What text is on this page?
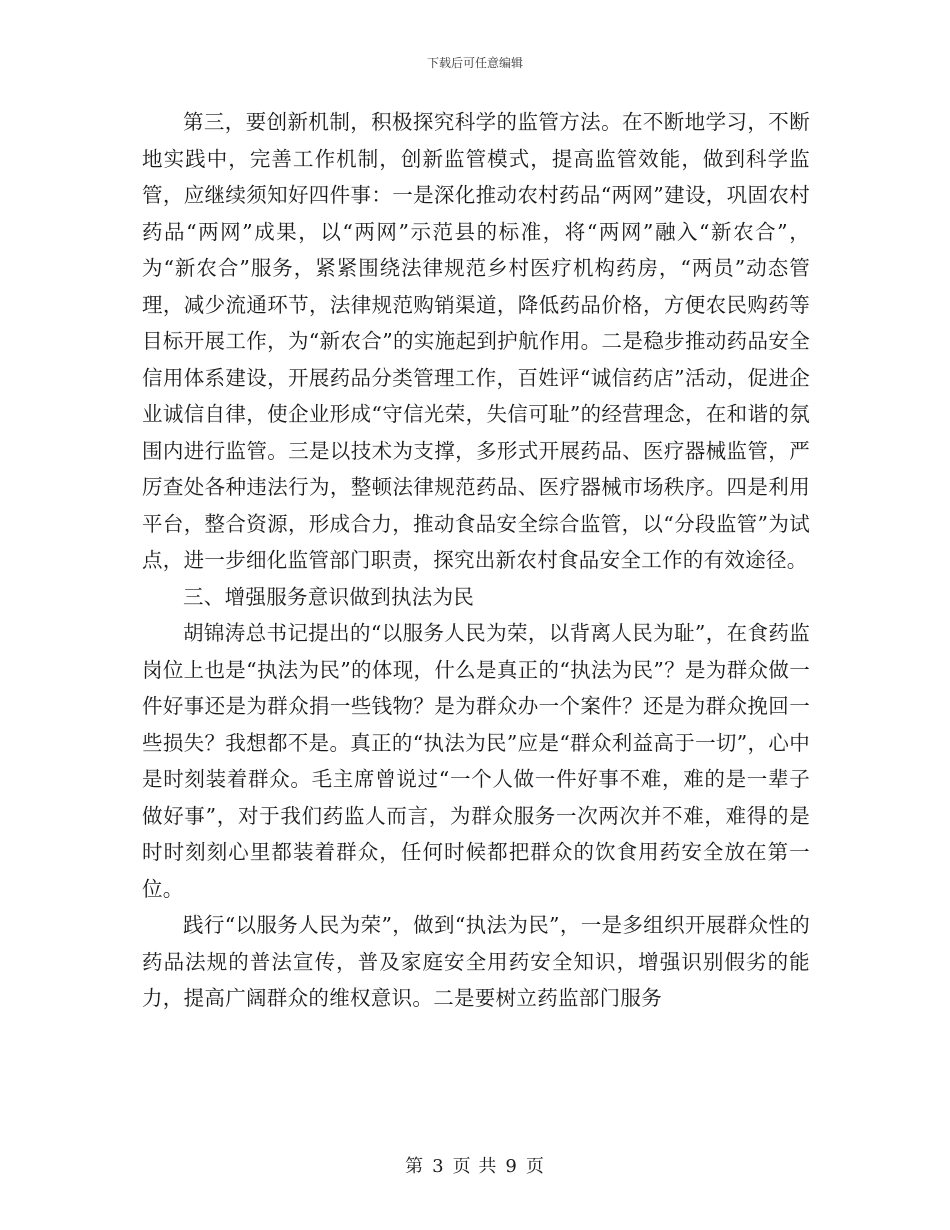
下载后可任意编辑

第三，要创新机制，积极探究科学的监管方法。在不断地学习，不断地实践中，完善工作机制，创新监管模式，提高监管效能，做到科学监管，应继续须知好四件事：一是深化推动农村药品“两网”建设，巩固农村药品“两网”成果，以“两网”示范县的标准，将“两网”融入“新农合”，为“新农合”服务，紧紧围绕法律规范乡村医疗机构药房，“两员”动态管理，减少流通环节，法律规范购销渠道，降低药品价格，方便农民购药等目标开展工作，为“新农合”的实施起到护航作用。二是稳步推动药品安全信用体系建设，开展药品分类管理工作，百姓评“诚信药店”活动，促进企业诚信自律，使企业形成“守信光荣，失信可耻”的经营理念，在和谐的氛围内进行监管。三是以技术为支撑，多形式开展药品、医疗器械监管，严厉查处各种违法行为，整顿法律规范药品、医疗器械市场秩序。四是利用平台，整合资源，形成合力，推动食品安全综合监管，以“分段监管”为试点，进一步细化监管部门职责，探究出新农村食品安全工作的有效途径。

三、增强服务意识做到执法为民

胡锦涛总书记提出的“以服务人民为荣，以背离人民为耻”，在食药监岗位上也是“执法为民”的体现，什么是真正的“执法为民”？是为群众做一件好事还是为群众捐一些钱物？是为群众办一个案件？还是为群众挽回一些损失？我想都不是。真正的“执法为民”应是“群众利益高于一切”，心中是时刻装着群众。毛主席曾说过“一个人做一件好事不难，难的是一辈子做好事”，对于我们药监人而言，为群众服务一次两次并不难，难得的是时时刻刻心里都装着群众，任何时候都把群众的饮食用药安全放在第一位。

践行“以服务人民为荣”，做到“执法为民”，一是多组织开展群众性的药品法规的普法宣传，普及家庭安全用药安全知识，增强识别假劣的能力，提高广阔群众的维权意识。二是要树立药监部门服务

第 3 页 共 9 页
